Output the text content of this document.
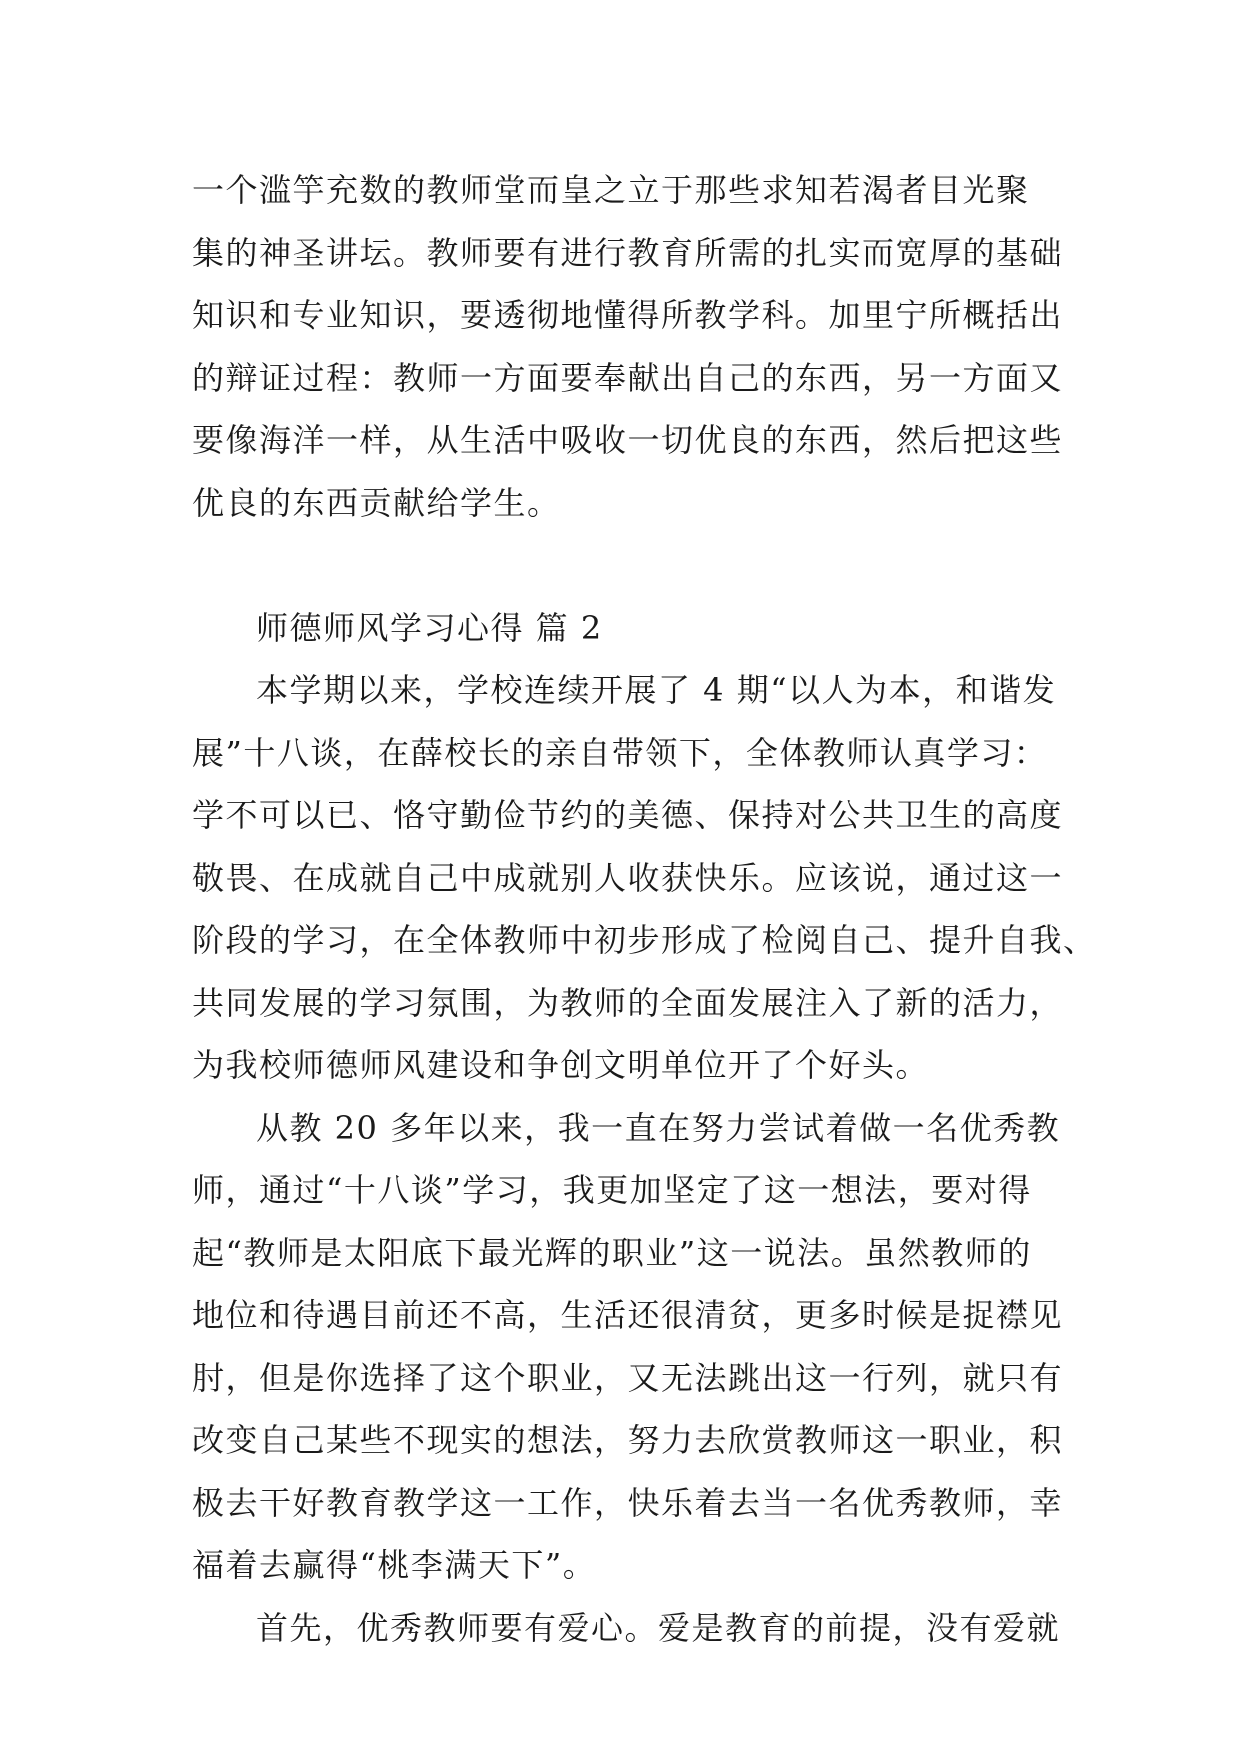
一个滥竽充数的教师堂而皇之立于那些求知若渴者目光聚
集的神圣讲坛。教师要有进行教育所需的扎实而宽厚的基础
知识和专业知识，要透彻地懂得所教学科。加里宁所概括出
的辩证过程：教师一方面要奉献出自己的东西，另一方面又
要像海洋一样，从生活中吸收一切优良的东西，然后把这些
优良的东西贡献给学生。
师德师风学习心得 篇 2
本学期以来，学校连续开展了 4 期“以人为本，和谐发
展”十八谈，在薛校长的亲自带领下，全体教师认真学习：
学不可以已、恪守勤俭节约的美德、保持对公共卫生的高度
敬畏、在成就自己中成就别人收获快乐。应该说，通过这一
阶段的学习，在全体教师中初步形成了检阅自己、提升自我、
共同发展的学习氛围，为教师的全面发展注入了新的活力，
为我校师德师风建设和争创文明单位开了个好头。
从教 20 多年以来，我一直在努力尝试着做一名优秀教
师，通过“十八谈”学习，我更加坚定了这一想法，要对得
起“教师是太阳底下最光辉的职业”这一说法。虽然教师的
地位和待遇目前还不高，生活还很清贫，更多时候是捉襟见
肘，但是你选择了这个职业，又无法跳出这一行列，就只有
改变自己某些不现实的想法，努力去欣赏教师这一职业，积
极去干好教育教学这一工作，快乐着去当一名优秀教师，幸
福着去赢得“桃李满天下”。
首先，优秀教师要有爱心。爱是教育的前提，没有爱就
